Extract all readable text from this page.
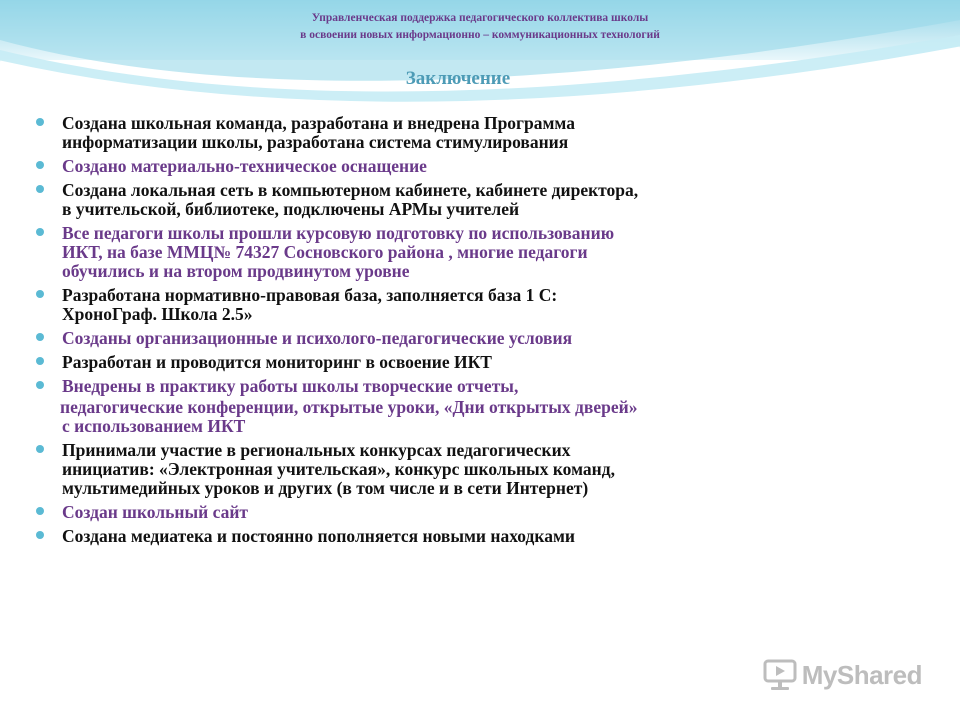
Управленческая поддержка педагогического коллектива школы
в освоении новых информационно – коммуникационных технологий
Заключение
Создана школьная команда, разработана и внедрена Программа
информатизации школы, разработана система стимулирования
Создано материально-техническое оснащение
Создана локальная сеть в компьютерном кабинете, кабинете директора,
в учительской, библиотеке, подключены АРМы учителей
Все педагоги школы прошли курсовую подготовку по использованию
ИКТ, на базе ММЦ№ 74327 Сосновского района , многие педагоги
обучились и на втором продвинутом уровне
Разработана нормативно-правовая база, заполняется база 1 С:
ХроноГраф. Школа 2.5»
Созданы организационные и психолого-педагогические условия
Разработан и проводится мониторинг в освоение ИКТ
Внедрены в практику работы школы творческие отчеты,
педагогические конференции, открытые уроки, «Дни открытых дверей»
с использованием ИКТ
Принимали участие в региональных конкурсах педагогических
инициатив: «Электронная учительская», конкурс школьных команд,
мультимедийных уроков и других (в том числе и в сети Интернет)
Создан школьный сайт
Создана медиатека и постоянно пополняется новыми находками
MyShared
